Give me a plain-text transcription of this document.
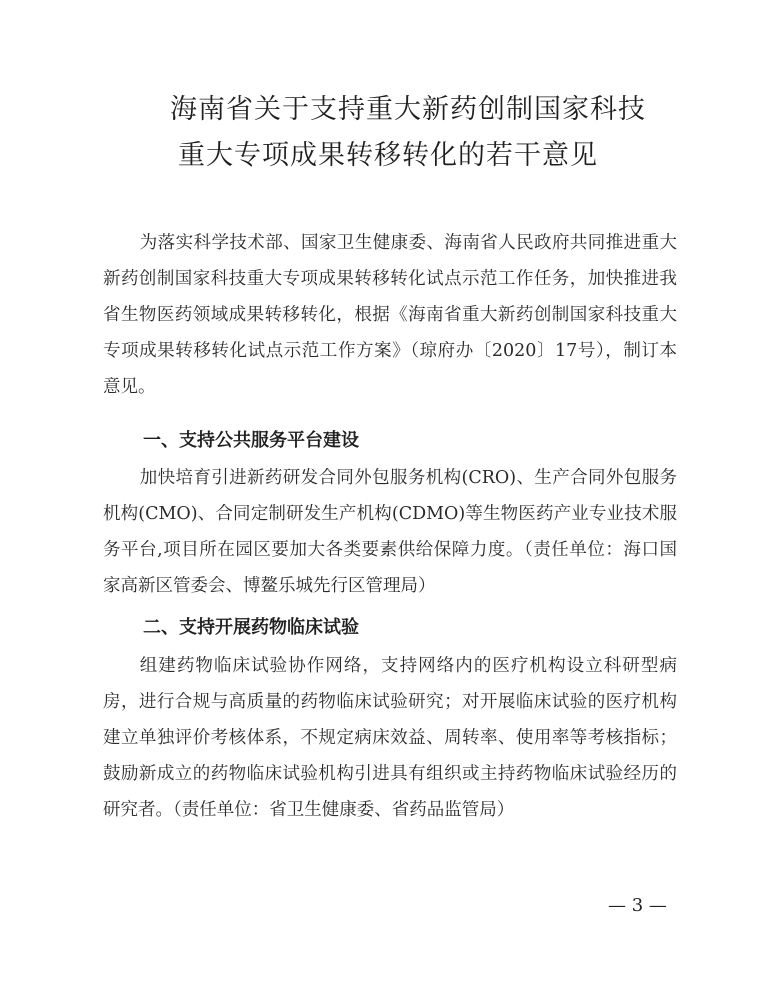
海南省关于支持重大新药创制国家科技
重大专项成果转移转化的若干意见
为落实科学技术部、国家卫生健康委、海南省人民政府共同推进重大新药创制国家科技重大专项成果转移转化试点示范工作任务，加快推进我省生物医药领域成果转移转化，根据《海南省重大新药创制国家科技重大专项成果转移转化试点示范工作方案》（琼府办〔2020〕17号），制订本意见。
一、支持公共服务平台建设
加快培育引进新药研发合同外包服务机构(CRO)、生产合同外包服务机构(CMO)、合同定制研发生产机构(CDMO)等生物医药产业专业技术服务平台,项目所在园区要加大各类要素供给保障力度。（责任单位：海口国家高新区管委会、博鳌乐城先行区管理局）
二、支持开展药物临床试验
组建药物临床试验协作网络，支持网络内的医疗机构设立科研型病房，进行合规与高质量的药物临床试验研究；对开展临床试验的医疗机构建立单独评价考核体系，不规定病床效益、周转率、使用率等考核指标；鼓励新成立的药物临床试验机构引进具有组织或主持药物临床试验经历的研究者。（责任单位：省卫生健康委、省药品监管局）
— 3 —
